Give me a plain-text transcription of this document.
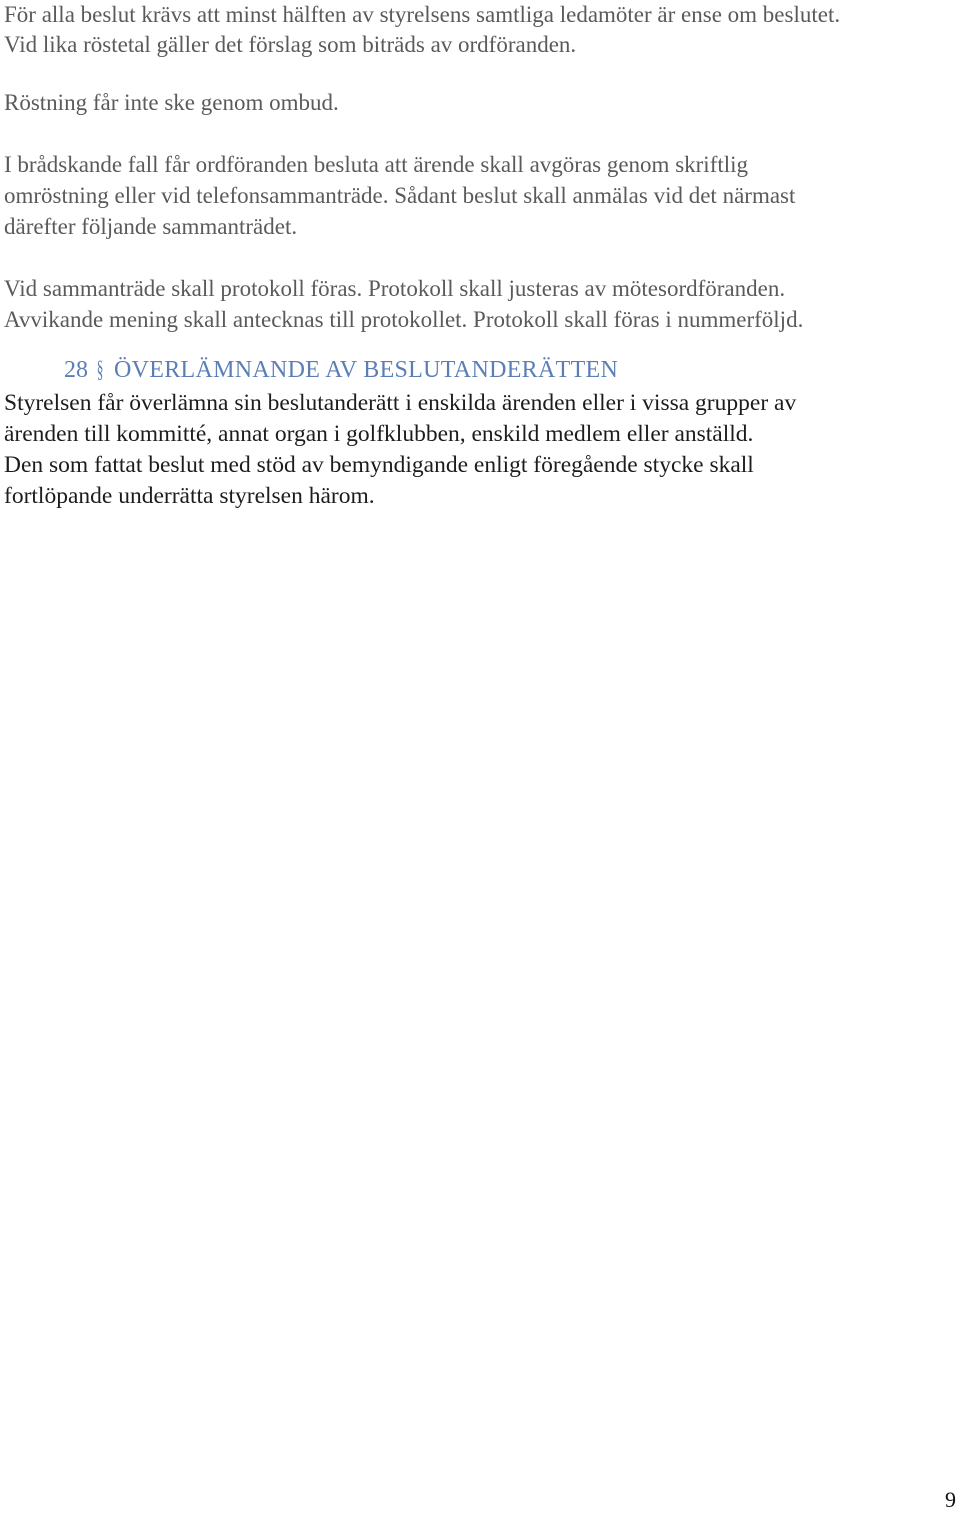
För alla beslut krävs att minst hälften av styrelsens samtliga ledamöter är ense om beslutet.
Vid lika röstetal gäller det förslag som biträds av ordföranden.
Röstning får inte ske genom ombud.
I brådskande fall får ordföranden besluta att ärende skall avgöras genom skriftlig
omröstning eller vid telefonsammanträde. Sådant beslut skall anmälas vid det närmast
därefter följande sammanträdet.
Vid sammanträde skall protokoll föras. Protokoll skall justeras av mötesordföranden.
Avvikande mening skall antecknas till protokollet. Protokoll skall föras i nummerföljd.
28 § ÖVERLÄMNANDE AV BESLUTANDERÄTTEN
Styrelsen får överlämna sin beslutanderätt i enskilda ärenden eller i vissa grupper av
ärenden till kommitté, annat organ i golfklubben, enskild medlem eller anställd.
Den som fattat beslut med stöd av bemyndigande enligt föregående stycke skall
fortlöpande underrätta styrelsen härom.
9
